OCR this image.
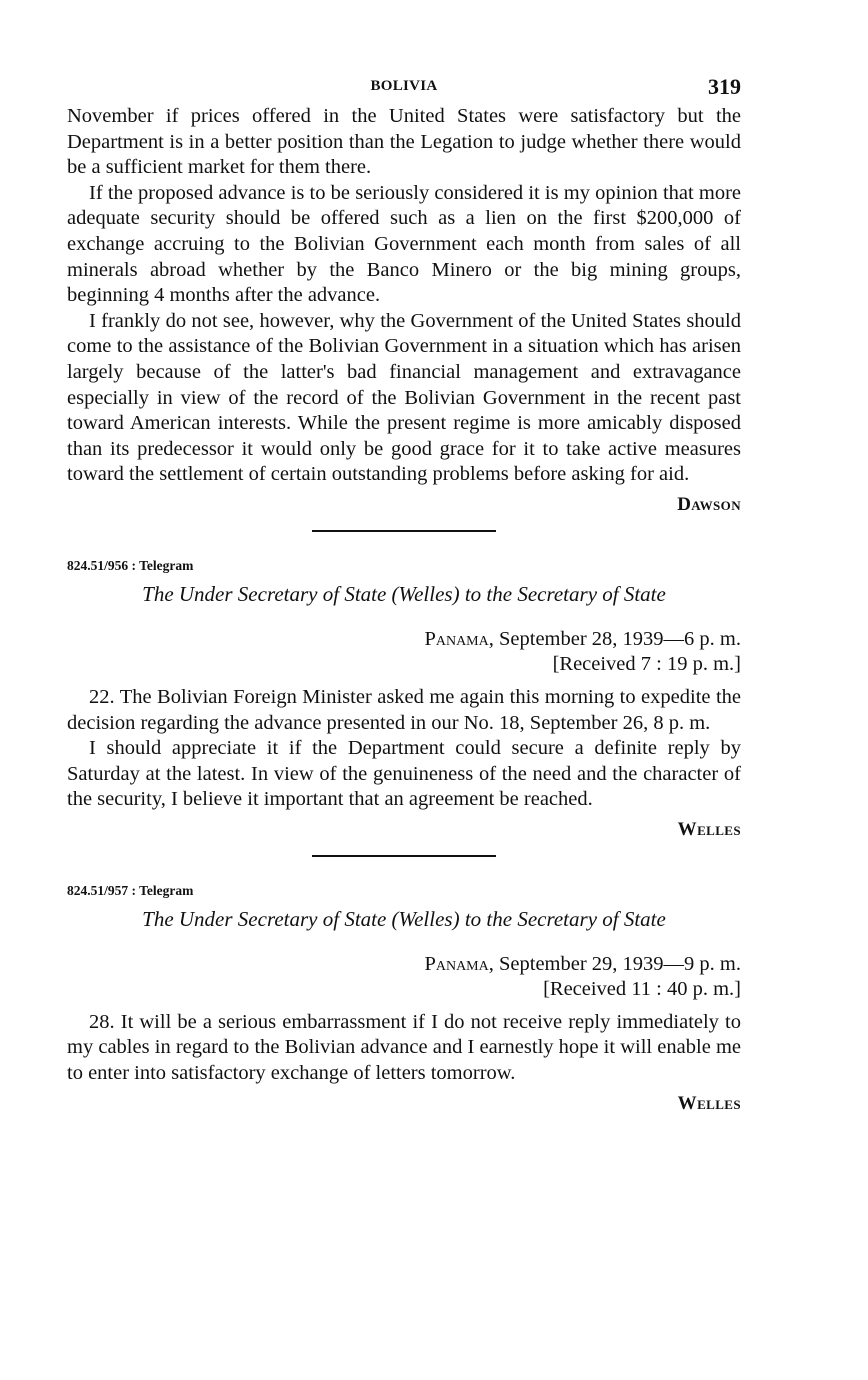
BOLIVIA	319

November if prices offered in the United States were satisfactory but the Department is in a better position than the Legation to judge whether there would be a sufficient market for them there.

If the proposed advance is to be seriously considered it is my opinion that more adequate security should be offered such as a lien on the first $200,000 of exchange accruing to the Bolivian Government each month from sales of all minerals abroad whether by the Banco Minero or the big mining groups, beginning 4 months after the advance.

I frankly do not see, however, why the Government of the United States should come to the assistance of the Bolivian Government in a situation which has arisen largely because of the latter's bad financial management and extravagance especially in view of the record of the Bolivian Government in the recent past toward American interests. While the present regime is more amicably disposed than its predecessor it would only be good grace for it to take active measures toward the settlement of certain outstanding problems before asking for aid.

Dawson
824.51/956 : Telegram
The Under Secretary of State (Welles) to the Secretary of State
Panama, September 28, 1939—6 p. m.
[Received 7 : 19 p. m.]

22. The Bolivian Foreign Minister asked me again this morning to expedite the decision regarding the advance presented in our No. 18, September 26, 8 p. m.

I should appreciate it if the Department could secure a definite reply by Saturday at the latest. In view of the genuineness of the need and the character of the security, I believe it important that an agreement be reached.

Welles
824.51/957 : Telegram
The Under Secretary of State (Welles) to the Secretary of State
Panama, September 29, 1939—9 p. m.
[Received 11 : 40 p. m.]

28. It will be a serious embarrassment if I do not receive reply immediately to my cables in regard to the Bolivian advance and I earnestly hope it will enable me to enter into satisfactory exchange of letters tomorrow.

Welles
